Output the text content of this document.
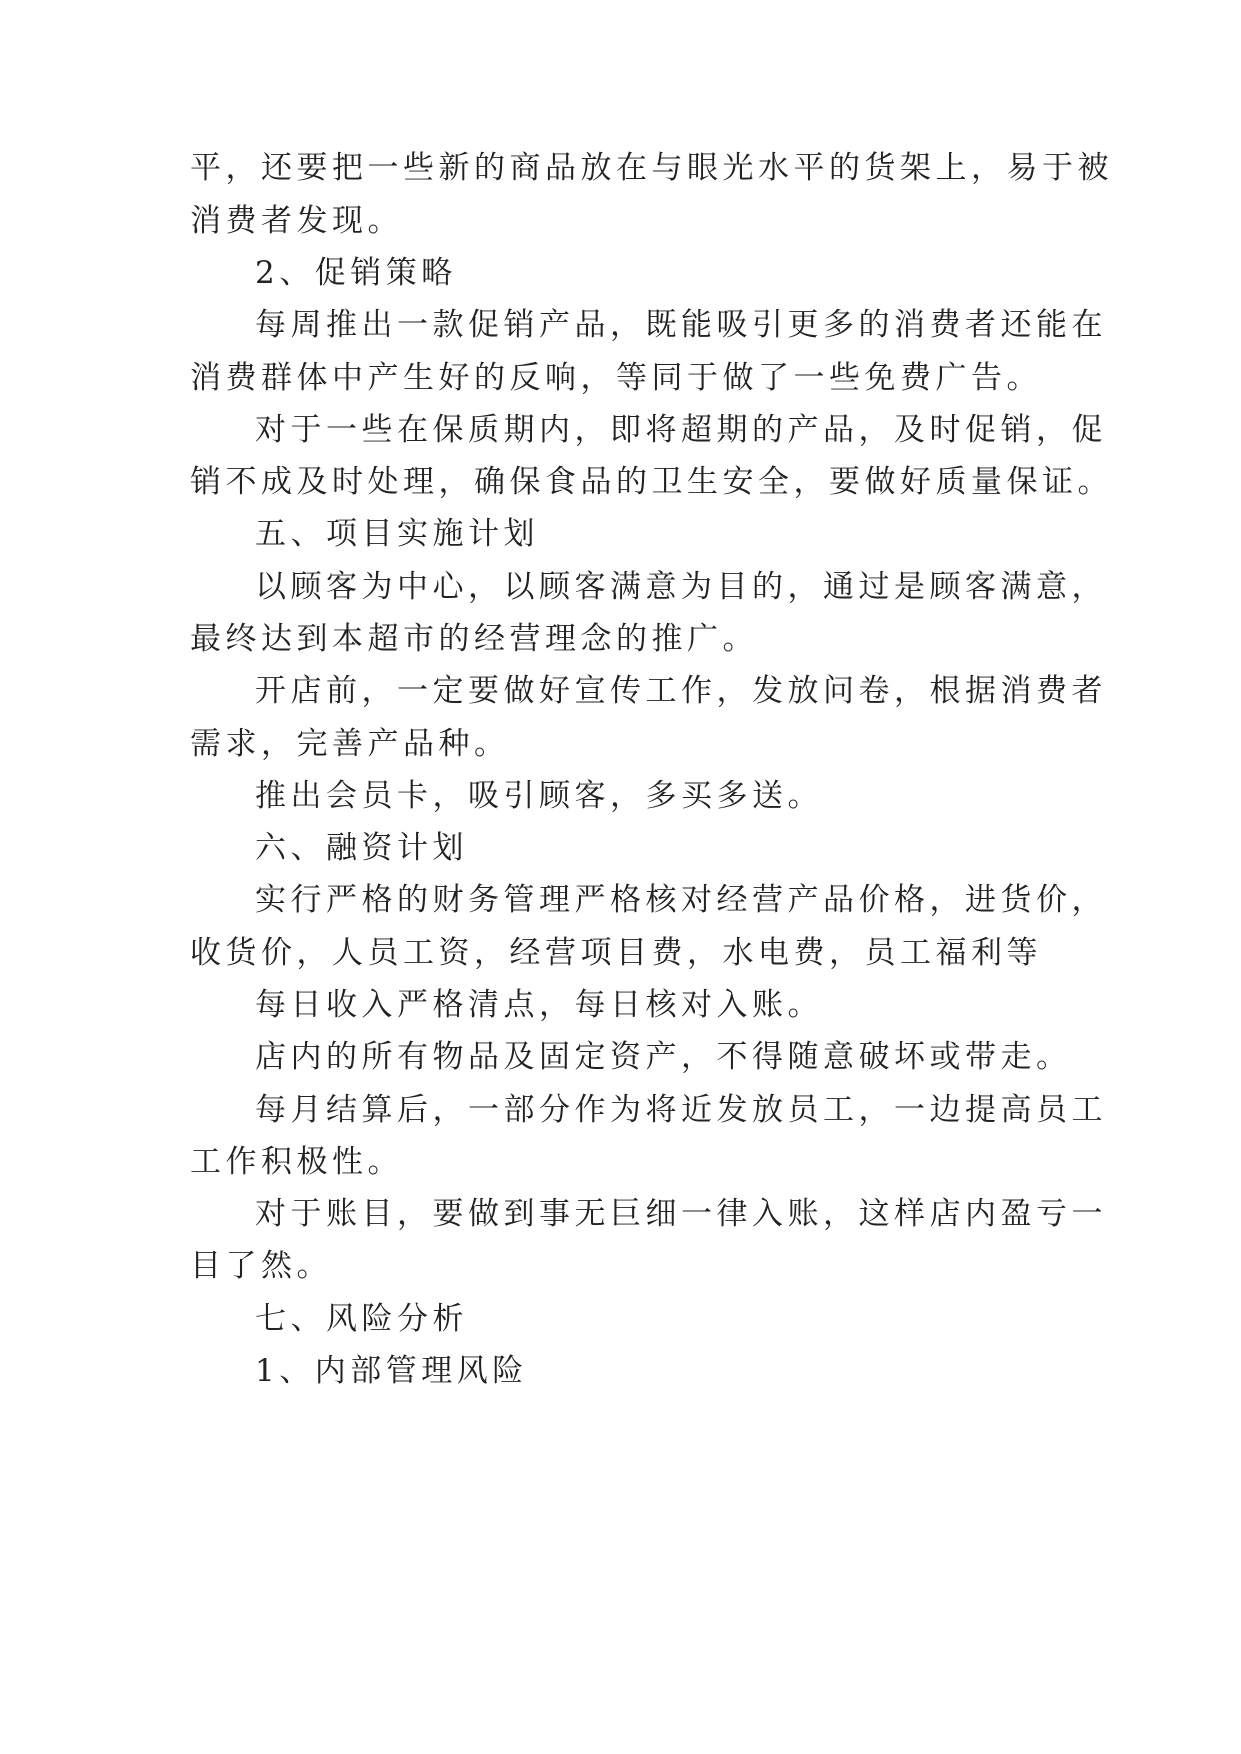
平，还要把一些新的商品放在与眼光水平的货架上，易于被
消费者发现。
2、促销策略
每周推出一款促销产品，既能吸引更多的消费者还能在
消费群体中产生好的反响，等同于做了一些免费广告。
对于一些在保质期内，即将超期的产品，及时促销，促
销不成及时处理，确保食品的卫生安全，要做好质量保证。
五、项目实施计划
以顾客为中心，以顾客满意为目的，通过是顾客满意，
最终达到本超市的经营理念的推广。
开店前，一定要做好宣传工作，发放问卷，根据消费者
需求，完善产品种。
推出会员卡，吸引顾客，多买多送。
六、融资计划
实行严格的财务管理严格核对经营产品价格，进货价，
收货价，人员工资，经营项目费，水电费，员工福利等
每日收入严格清点，每日核对入账。
店内的所有物品及固定资产，不得随意破坏或带走。
每月结算后，一部分作为将近发放员工，一边提高员工
工作积极性。
对于账目，要做到事无巨细一律入账，这样店内盈亏一
目了然。
七、风险分析
1、内部管理风险
